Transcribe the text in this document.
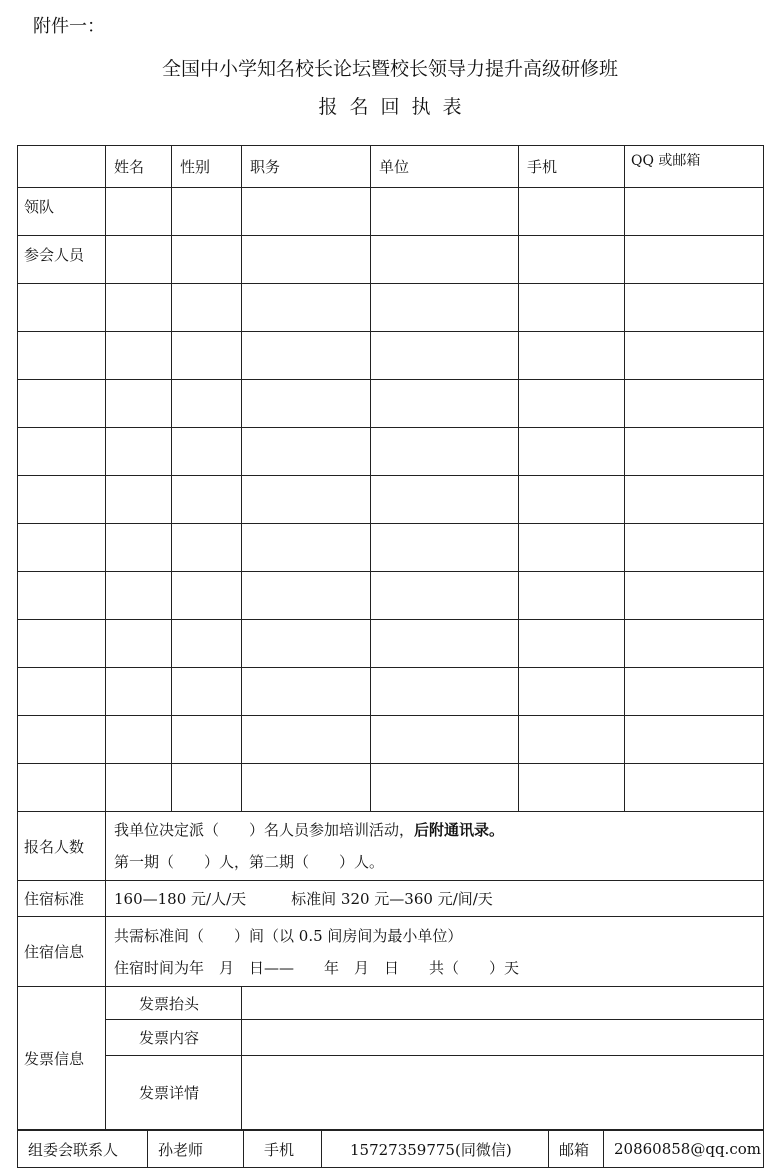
附件一：
全国中小学知名校长论坛暨校长领导力提升高级研修班
报名回执表
	姓名	性别	职务	单位	手机	QQ 或邮箱
领队						
参会人员						

报名人数	我单位决定派（　　）名人员参加培训活动，后附通讯录。
第一期（　　）人，第二期（　　）人。					

住宿标准	160—180 元/人/天　　　标准间 320 元—360 元/间/天					

住宿信息	共需标准间（　　）间（以 0.5 间房间为最小单位）
住宿时间为年　月　日——　　年　月　日　　共（　　）天					

发票信息	发票抬头					
	发票内容					
	发票详情					
组委会联系人	孙老师	手机	15727359775(同微信)	邮箱	20860858@qq.com
